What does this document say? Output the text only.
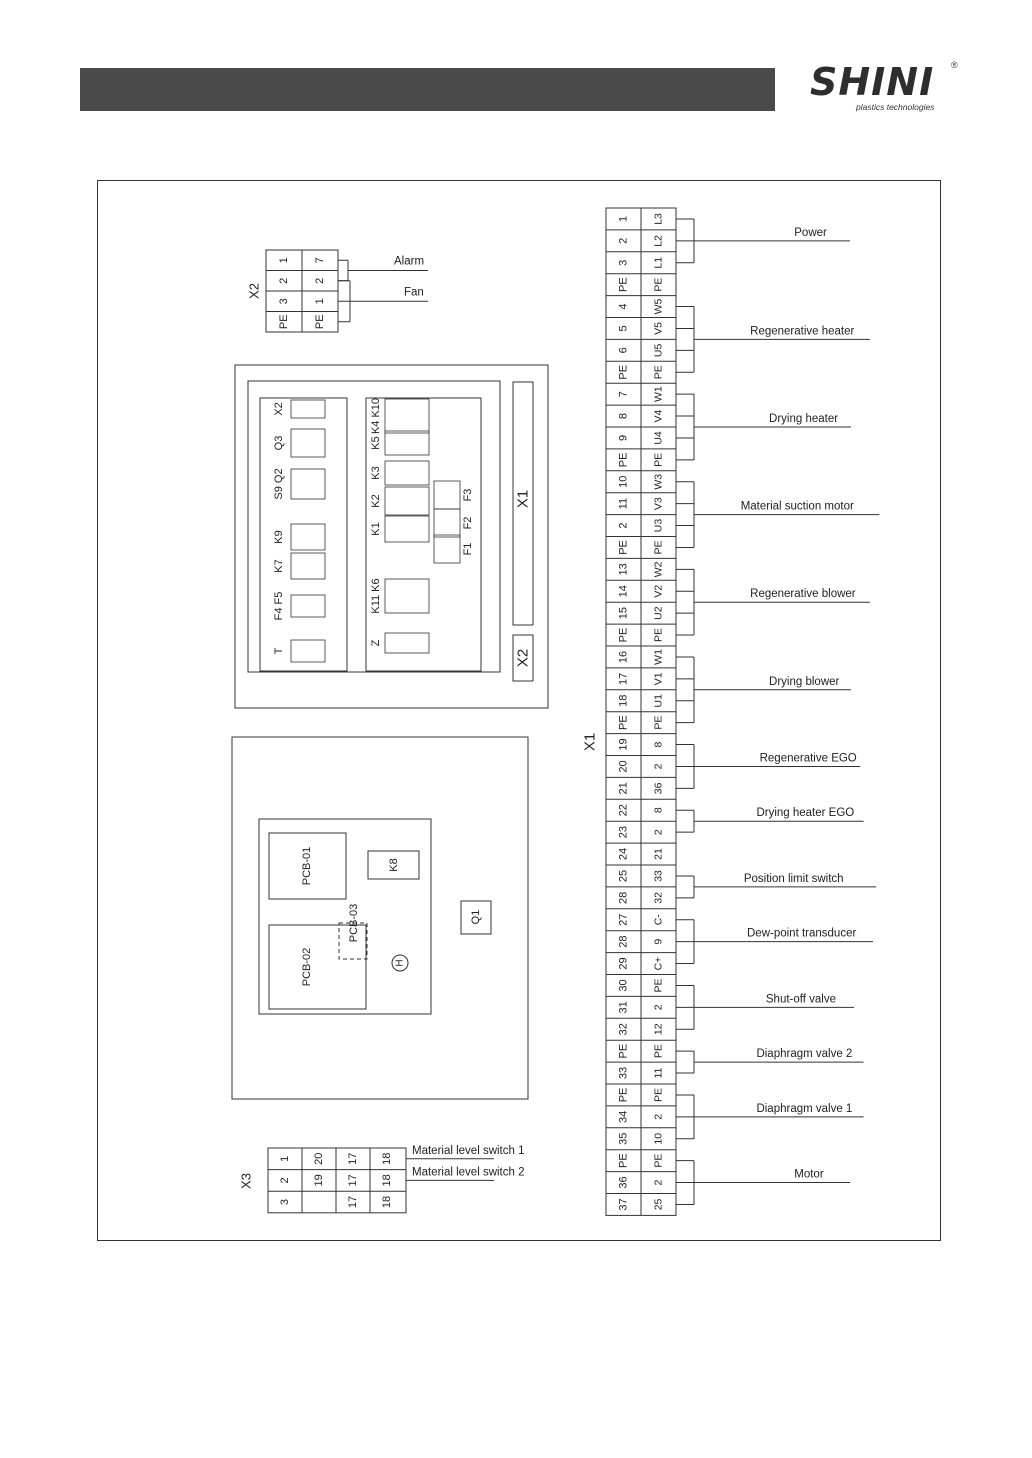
SHINI ®
plastics technologies
1 L3
2 L2
3 L1
PE PE
4 W5
5 V5
6 U5
PE PE
7 W1
8 V4
9 U4
PE PE
10 W3
11 V3
2 U3
PE PE
13 W2
14 V2
15 U2
PE PE
16 W1
17 V1
18 U1
PE PE
19 8
20 2
21 36
22 8
23 2
24 21
25 33
28 32
27 C-
28 9
29 C+
30 PE
31 2
32 12
PE PE
33 11
PE PE
34 2
35 10
PE PE
36 2
37 25
X1
Power
Regenerative heater
Drying heater
Material suction motor
Regenerative blower
Drying blower
Regenerative EGO
Drying heater EGO
Position limit switch
Dew-point transducer
Shut-off valve
Diaphragm valve 2
Diaphragm valve 1
Motor
1
2
3
PE
7
2
1
PE
X2
Alarm
Fan
X1
X2
X2
Q3
S9 Q2
K9
K7
F4 F5
T
K4 K10
K5
K3
K2
K1
K11 K6
Z
F1
F2
F3
PCB-01
PCB-02
PCB-03
K8
Q1
H
1
2
3
20
19
17
17
17
18
18
18
X3
Material level switch 1
Material level switch 2
